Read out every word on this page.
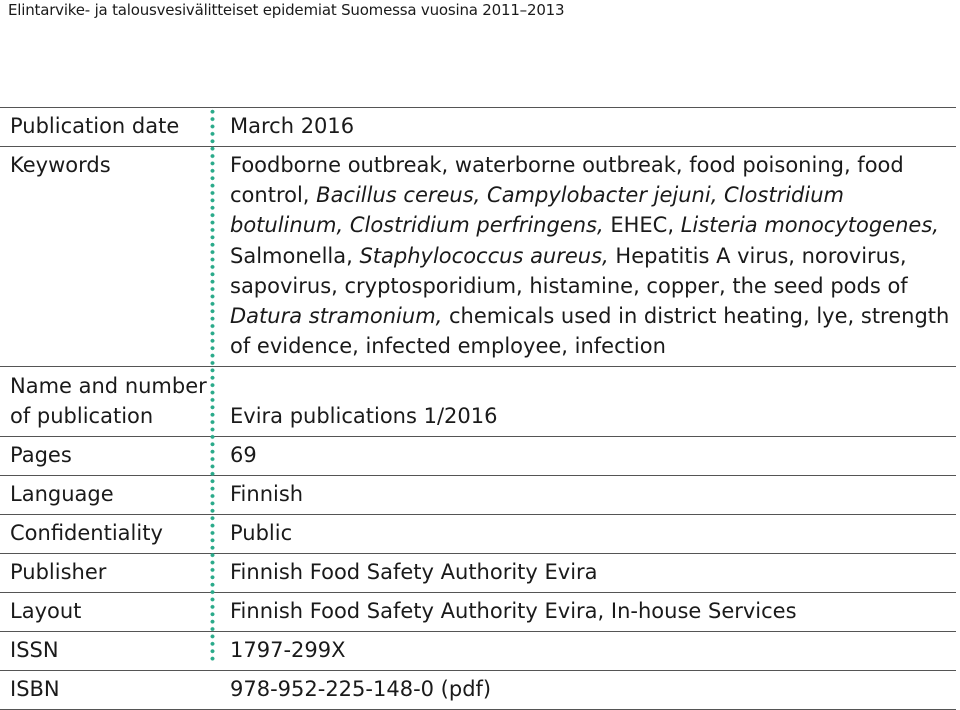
Elintarvike- ja talousvesivälitteiset epidemiat Suomessa vuosina 2011–2013
Publication date	March 2016
Keywords	Foodborne outbreak, waterborne outbreak, food poisoning, food control, Bacillus cereus, Campylobacter jejuni, Clostridium botulinum, Clostridium perfringens, EHEC, Listeria monocytogenes, Salmonella, Staphylococcus aureus, Hepatitis A virus, norovirus, sapovirus, cryptosporidium, histamine, copper, the seed pods of Datura stramonium, chemicals used in district heating, lye, strength of evidence, infected employee, infection
Name and number
of publication	Evira publications 1/2016
Pages	69
Language	Finnish
Confidentiality	Public
Publisher	Finnish Food Safety Authority Evira
Layout	Finnish Food Safety Authority Evira, In-house Services
ISSN	1797-299X
ISBN	978-952-225-148-0 (pdf)
